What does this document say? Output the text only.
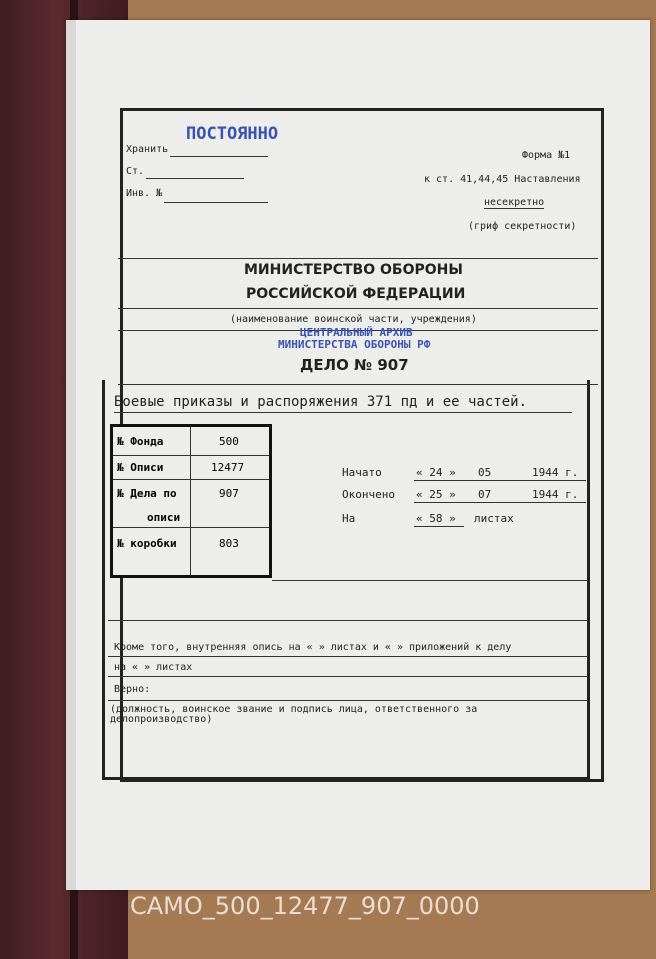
ПОСТОЯННО
Хранить
Ст.
Инв. №
Форма №1
к ст. 41,44,45 Наставления
несекретно
(гриф секретности)
МИНИСТЕРСТВО ОБОРОНЫ
РОССИЙСКОЙ ФЕДЕРАЦИИ
(наименование воинской части, учреждения)
ЦЕНТРАЛЬНЫЙ АРХИВ
МИНИСТЕРСТВА ОБОРОНЫ РФ
ДЕЛО № 907
Боевые приказы и распоряжения 371 пд и ее частей.
№ Фонда	500
№ Описи	12477
№ Дела по	907
описи
№ коробки	803
Начато	« 24 » 05	1944 г.
Окончено « 25 » 07	1944 г.
На	« 58 » листах
Кроме того, внутренняя опись на « » листах и « » приложений к делу
на « » листах
Верно:
(должность, воинское звание и подпись лица, ответственного за
делопроизводство)
CAMO_500_12477_907_0000
